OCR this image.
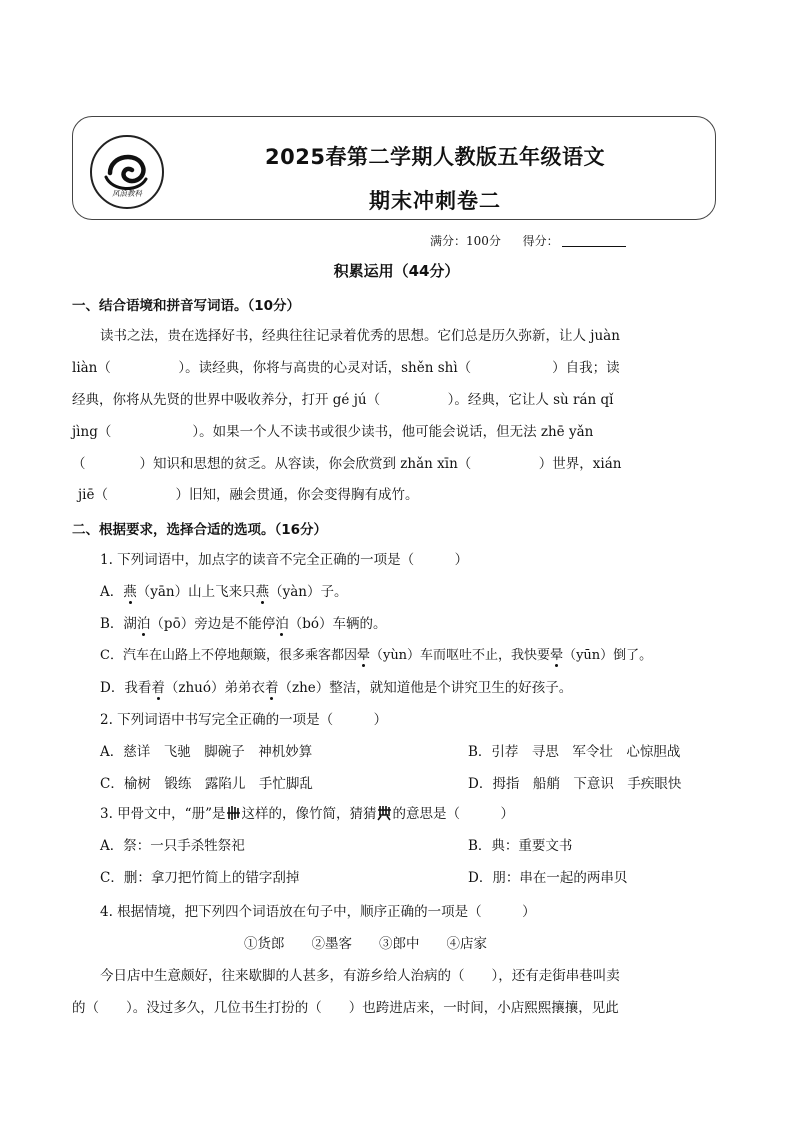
风浪教科
2025春第二学期人教版五年级语文
期末冲刺卷二
满分：100分 得分：
积累运用（44分）
一、结合语境和拼音写词语。（10分）
读书之法，贵在选择好书，经典往往记录着优秀的思想。它们总是历久弥新，让人 juàn
liàn（　　　　　）。读经典，你将与高贵的心灵对话，shěn shì（　　　　　　）自我；读
经典，你将从先贤的世界中吸收养分，打开 gé jú（　　　　　）。经典，它让人 sù rán qǐ
jìng（　　　　　　）。如果一个人不读书或很少读书，他可能会说话，但无法 zhē yǎn
（　　　　）知识和思想的贫乏。从容读，你会欣赏到 zhǎn xīn（　　　　　）世界，xián
jiē（　　　　　）旧知，融会贯通，你会变得胸有成竹。
二、根据要求，选择合适的选项。（16分）
1. 下列词语中，加点字的读音不完全正确的一项是（　　　）
A．燕（yān）山上飞来只燕（yàn）子。
B．湖泊（pō）旁边是不能停泊（bó）车辆的。
C．汽车在山路上不停地颠簸，很多乘客都因晕（yùn）车而呕吐不止，我快要晕（yūn）倒了。
D．我看着（zhuó）弟弟衣着（zhe）整洁，就知道他是个讲究卫生的好孩子。
2. 下列词语中书写完全正确的一项是（　　　）
A．慈详　飞驰　脚碗子　神机妙算	B．引荐　寻思　军令壮　心惊胆战
C．榆树　锻练　露陷儿　手忙脚乱	D．拇指　船艄　下意识　手疾眼快
3. 甲骨文中，“册”是 这样的，像竹简，猜猜 的意思是（　　　）
A．祭：一只手杀牲祭祀	B．典：重要文书
C．删：拿刀把竹简上的错字刮掉	D．朋：串在一起的两串贝
4. 根据情境，把下列四个词语放在句子中，顺序正确的一项是（　　　）
①货郎　　②墨客　　③郎中　　④店家
今日店中生意颇好，往来歇脚的人甚多，有游乡给人治病的（　　），还有走街串巷叫卖
的（　　）。没过多久，几位书生打扮的（　　）也跨进店来，一时间，小店熙熙攘攘，见此
